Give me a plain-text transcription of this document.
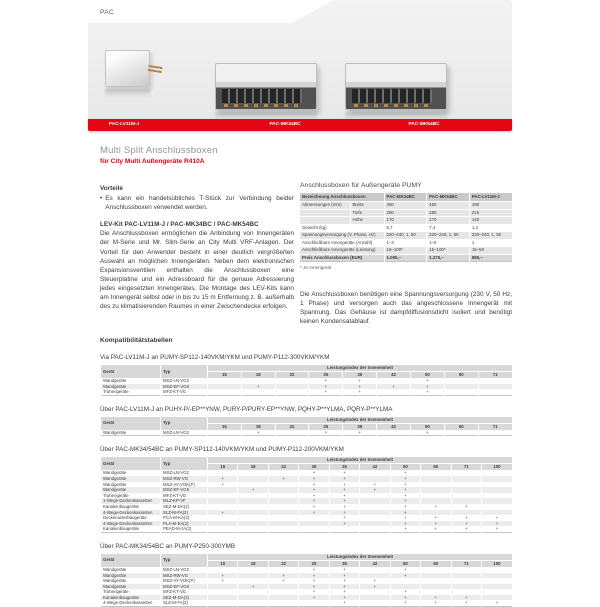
PAC
PAC-LV11M-J	PAC-MK34BC	PAC-MK54BC
Multi Split Anschlussboxen
für City Multi Außengeräte R410A
Vorteile
• Es kann ein handelsübliches T-Stück zur Verbindung beider Anschlussboxen verwendet werden.
LEV-Kit PAC-LV11M-J / PAC-MK34BC / PAC-MK54BC
Die Anschlussboxen ermöglichen die Anbindung von Innengeräten der M-Serie und Mr. Slim-Serie an City Multi VRF-Anlagen. Der Vorteil für den Anwender besteht in einer deutlich vergrößerten Auswahl an möglichen Innengeräten. Neben dem elektronischen Expansionsventilen enthalten die Anschlussboxen eine Steuerplatine und ein Adressboard für die genaue Adressierung jedes eingesetzten Innengerätes. Die Montage des LEV-Kits kann am Innengerät selbst oder in bis zu 15 m Entfernung z. B. außerhalb des zu klimatisierenden Raumes in einer Zwischendecke erfolgen.
Anschlussboxen für Außengeräte PUMY
Bezeichnung Anschlussboxen		PAC-MK34BC	PAC-MK54BC	PAC-LV11M-J
Abmessungen (mm)	Breite	450	450	190
	Tiefe	280	280	215
	Höhe	170	170	140
Gewicht (kg)		6,7	7,4	1,3
Spannungsversorgung (V, Phase, Hz)		220–240, 1, 50	220–240, 1, 50	220–240, 1, 50
Anschließbare Innengeräte (Anzahl)		1–3	1–5	1
Anschließbare Innengeräte (Leistung)		15–100*	15–100*	15–50
Preis Anschlussboxen (EUR)		1.095,–	1.275,–	985,–
* Je Innengerät
Die Anschlussboxen benötigen eine Spannungsversorgung (230 V, 50 Hz, 1 Phase) und versorgen auch das angeschlossene Innengerät mit Spannung. Das Gehäuse ist dampfdiffusionsdicht isoliert und benötigt keinen Kondensatablauf.
Kompatibilitätstabellen
Via PAC-LV11M-J an PUMY-SP112-140VKM/YKM und PUMY-P112-300VKM/YKM
Gerät	Typ	Leistungsindex der Inneneinheit								
		15	18	22	25	35	42	50	60	71
Wandgeräte	MSZ-LN-VG2				+	+		+		
Wandgeräte	MSZ-EF-VGK		+		+	+	+	+		
Truhengeräte	MFZ-KT-VG				+	+		+		
Über PAC-LV11M-J an PUHY-P/-EP**YNW, PURY-P/PURY-EP**YNW, PQHY-P**YLMA, PQRY-P**YLMA
Gerät	Typ	Leistungsindex der Inneneinheit								
		15	18	22	25	35	42	50	60	71
Wandgeräte	MSZ-LN-VG2		+		+	+		+		
Über PAC-MK34/54BC an PUMY-SP112-140VKM/YKM und PUMY-P112-200VKM/YKM
Gerät	Typ	Leistungsindex der Inneneinheit									
		15	18	22	25	35	42	50	60	71	100
Wandgeräte	MSZ-LN-VG2				+	+		+			
Wandgeräte	MSZ-RW-VG	+		+	+	+		+			
Wandgeräte	MSZ-AY-VGK(P)	+			+	+	+	+			
Wandgeräte	MSZ-EF-VGK		+		+	+	+	+			
Truhengeräte	MFZ-KT-VG				+	+		+			
1-Wege-Deckenkassetten	MLZ-KP-VF				+	+		+			
Kanaleinbaugeräte	SEZ-M-DA(2)				+	+		+	+	+	
4-Wege-Deckenkassetten	SLZ-M-FA(2)	+			+	+		+			
Deckenunterbaugeräte	PCA-M-KA(2)					+		+	+	+	+
4-Wege-Deckenkassetten	PLA-M-EA(2)					+		+	+	+	+
Kanaleinbaugeräte	PEAD-M-JA(2)							+	+	+	+
Über PAC-MK34/54BC an PUMY-P250-300YMB
Gerät	Typ	Leistungsindex der Inneneinheit									
		15	18	22	25	35	42	50	60	71	100
Wandgeräte	MSZ-LN-VG2				+	+		+			
Wandgeräte	MSZ-RW-VG	+		+	+	+		+			
Wandgeräte	MSZ-AY-VGK(P)	+		+	+	+	+				
Wandgeräte	MSZ-EF-VGK		+		+	+	+				
Truhengeräte	MFZ-KT-VG				+	+		+			
Kanaleinbaugeräte	SEZ-M-DA(2)				+	+		+	+	+	
4-Wege-Deckenkassetten	SLZ-M-FA(2)					+		+	+	+	+
